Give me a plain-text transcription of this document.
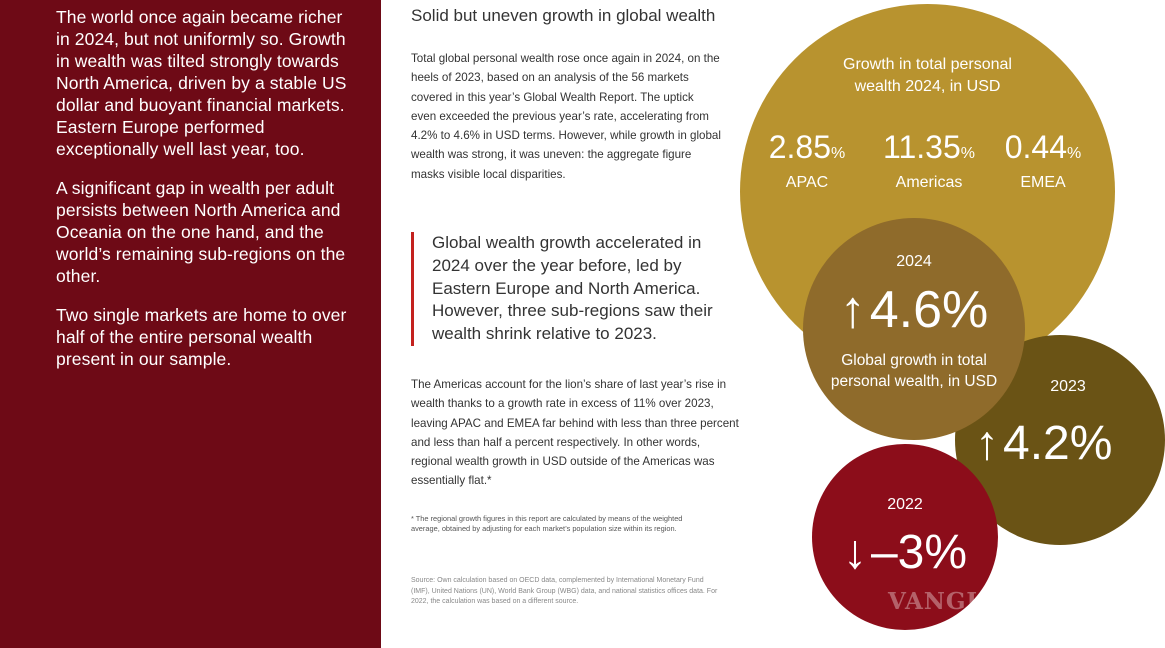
The world once again became richer in 2024, but not uniformly so. Growth in wealth was tilted strongly towards North America, driven by a stable US dollar and buoyant financial markets. Eastern Europe performed exceptionally well last year, too.

A significant gap in wealth per adult persists between North America and Oceania on the one hand, and the world’s remaining sub-regions on the other.

Two single markets are home to over half of the entire personal wealth present in our sample.

Solid but uneven growth in global wealth
Total global personal wealth rose once again in 2024, on the heels of 2023, based on an analysis of the 56 markets covered in this year’s Global Wealth Report. The uptick even exceeded the previous year’s rate, accelerating from 4.2% to 4.6% in USD terms. However, while growth in global wealth was strong, it was uneven: the aggregate figure masks visible local disparities.
Global wealth growth accelerated in 2024 over the year before, led by Eastern Europe and North America. However, three sub-regions saw their wealth shrink relative to 2023.
The Americas account for the lion’s share of last year’s rise in wealth thanks to a growth rate in excess of 11% over 2023, leaving APAC and EMEA far behind with less than three percent and less than half a percent respectively. In other words, regional wealth growth in USD outside of the Americas was essentially flat.*
* The regional growth figures in this report are calculated by means of the weighted average, obtained by adjusting for each market’s population size within its region.
Source: Own calculation based on OECD data, complemented by International Monetary Fund (IMF), United Nations (UN), World Bank Group (WBG) data, and national statistics offices data. For 2022, the calculation was based on a different source.
Growth in total personal wealth 2024, in USD
2.85%
APAC
11.35%
Americas
0.44%
EMEA
2023
↑4.2%
2024
↑4.6%
Global growth in total personal wealth, in USD
2022
↓–3%
VANGUARDIA
